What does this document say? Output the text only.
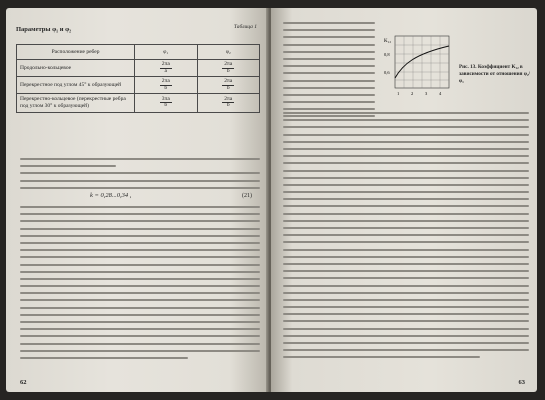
Таблица 1
Параметры φ₁ и φ₂
Расположение ребер	φ₁	φ₂
Продольно-кольцевое	$\frac{2\pi a}{a}$	$\frac{2\pi a}{b}$

Перекрестное под углом 45° к образующей	$\frac{2\pi a}{b}$	$\frac{2\pi a}{b}$

Перекрестно-кольцевое (перекрестные ребра под углом 30° к образующей)	$\frac{3\pi a}{b}$	$\frac{2\pi a}{b}$
k = 0,28...0,34 ,	(21)
62
K₁₂
0,8
0,6
1	2	3	4
Рис. 13. Коэффициент K₁₂ в зависимости от отношения φ₂/φ₁
63
